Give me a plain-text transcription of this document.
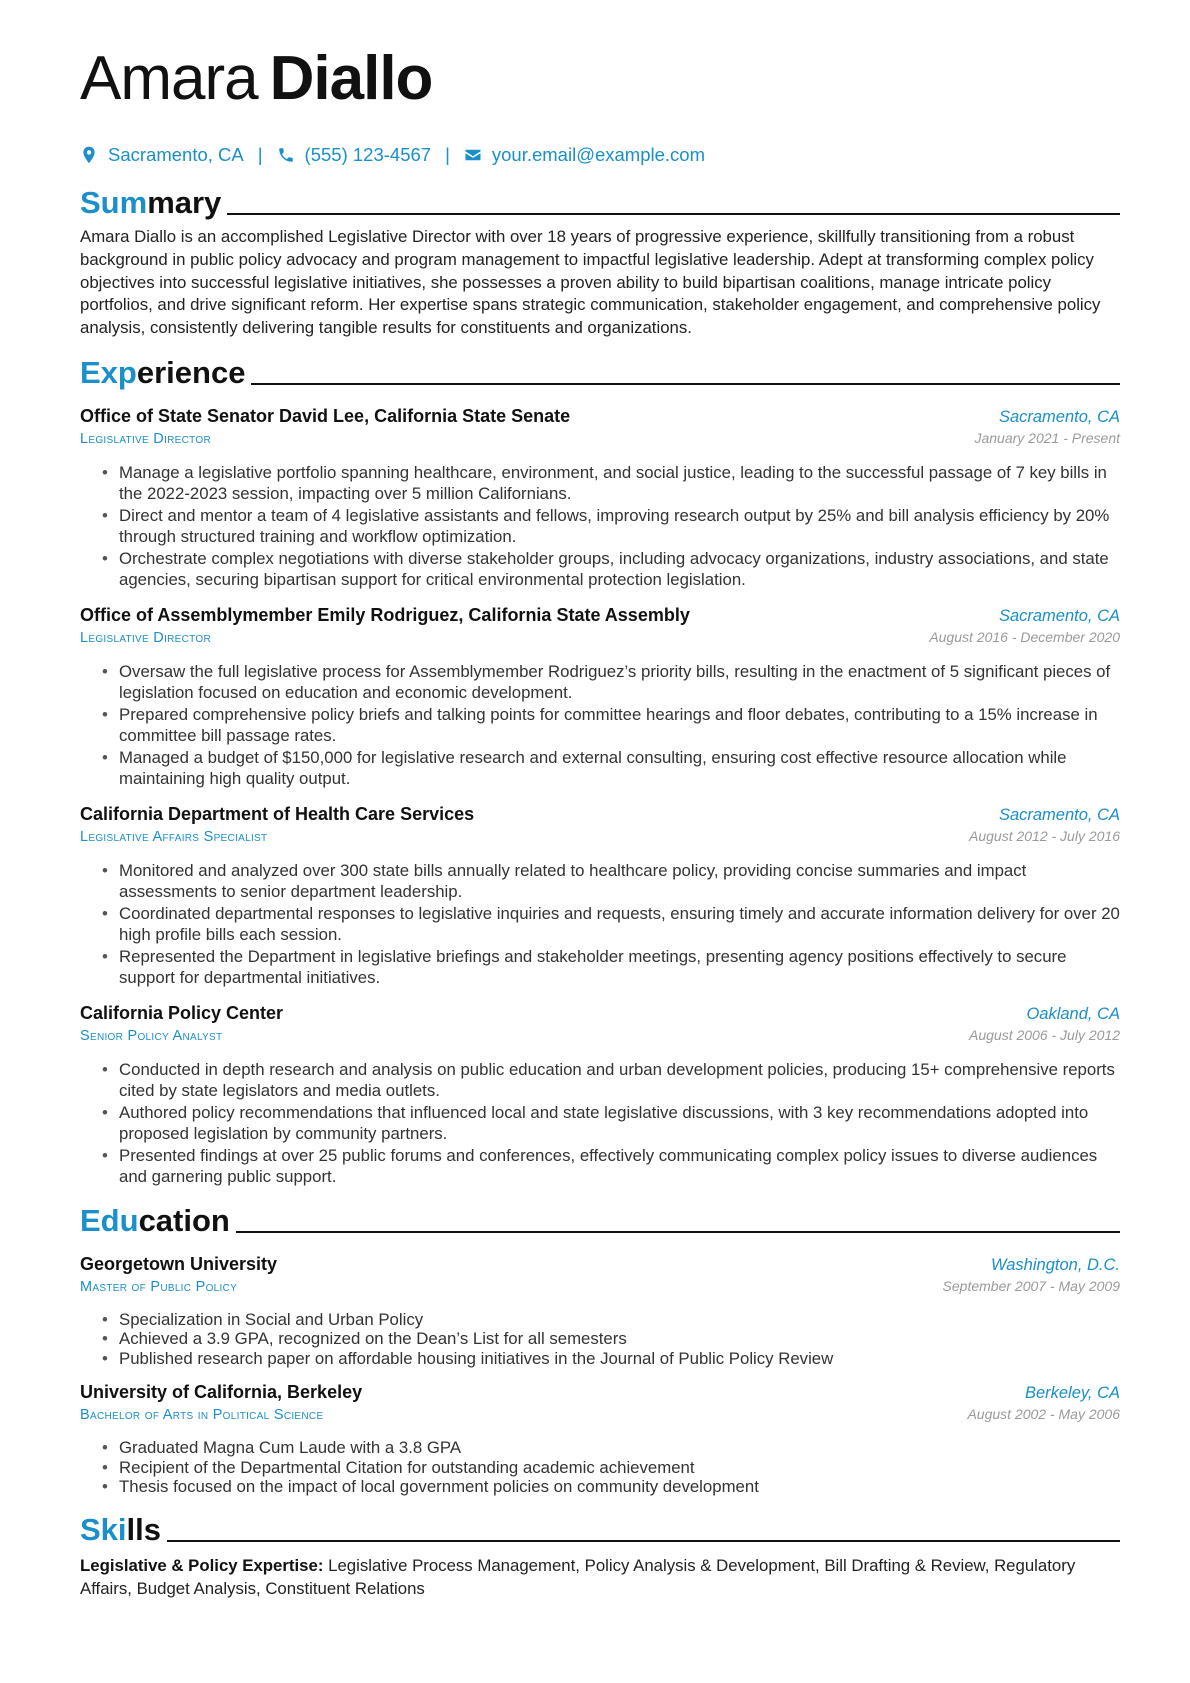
Amara Diallo
Sacramento, CA | (555) 123-4567 | your.email@example.com
Summary
Amara Diallo is an accomplished Legislative Director with over 18 years of progressive experience, skillfully transitioning from a robust background in public policy advocacy and program management to impactful legislative leadership. Adept at transforming complex policy objectives into successful legislative initiatives, she possesses a proven ability to build bipartisan coalitions, manage intricate policy portfolios, and drive significant reform. Her expertise spans strategic communication, stakeholder engagement, and comprehensive policy analysis, consistently delivering tangible results for constituents and organizations.
Experience
Office of State Senator David Lee, California State Senate	Sacramento, CA
Legislative Director	January 2021 - Present
• Manage a legislative portfolio spanning healthcare, environment, and social justice, leading to the successful passage of 7 key bills in the 2022-2023 session, impacting over 5 million Californians.
• Direct and mentor a team of 4 legislative assistants and fellows, improving research output by 25% and bill analysis efficiency by 20% through structured training and workflow optimization.
• Orchestrate complex negotiations with diverse stakeholder groups, including advocacy organizations, industry associations, and state agencies, securing bipartisan support for critical environmental protection legislation.
Office of Assemblymember Emily Rodriguez, California State Assembly	Sacramento, CA
Legislative Director	August 2016 - December 2020
• Oversaw the full legislative process for Assemblymember Rodriguez’s priority bills, resulting in the enactment of 5 significant pieces of legislation focused on education and economic development.
• Prepared comprehensive policy briefs and talking points for committee hearings and floor debates, contributing to a 15% increase in committee bill passage rates.
• Managed a budget of $150,000 for legislative research and external consulting, ensuring cost effective resource allocation while maintaining high quality output.
California Department of Health Care Services	Sacramento, CA
Legislative Affairs Specialist	August 2012 - July 2016
• Monitored and analyzed over 300 state bills annually related to healthcare policy, providing concise summaries and impact assessments to senior department leadership.
• Coordinated departmental responses to legislative inquiries and requests, ensuring timely and accurate information delivery for over 20 high profile bills each session.
• Represented the Department in legislative briefings and stakeholder meetings, presenting agency positions effectively to secure support for departmental initiatives.
California Policy Center	Oakland, CA
Senior Policy Analyst	August 2006 - July 2012
• Conducted in depth research and analysis on public education and urban development policies, producing 15+ comprehensive reports cited by state legislators and media outlets.
• Authored policy recommendations that influenced local and state legislative discussions, with 3 key recommendations adopted into proposed legislation by community partners.
• Presented findings at over 25 public forums and conferences, effectively communicating complex policy issues to diverse audiences and garnering public support.
Education
Georgetown University	Washington, D.C.
Master of Public Policy	September 2007 - May 2009
• Specialization in Social and Urban Policy
• Achieved a 3.9 GPA, recognized on the Dean’s List for all semesters
• Published research paper on affordable housing initiatives in the Journal of Public Policy Review
University of California, Berkeley	Berkeley, CA
Bachelor of Arts in Political Science	August 2002 - May 2006
• Graduated Magna Cum Laude with a 3.8 GPA
• Recipient of the Departmental Citation for outstanding academic achievement
• Thesis focused on the impact of local government policies on community development
Skills
Legislative & Policy Expertise: Legislative Process Management, Policy Analysis & Development, Bill Drafting & Review, Regulatory Affairs, Budget Analysis, Constituent Relations
